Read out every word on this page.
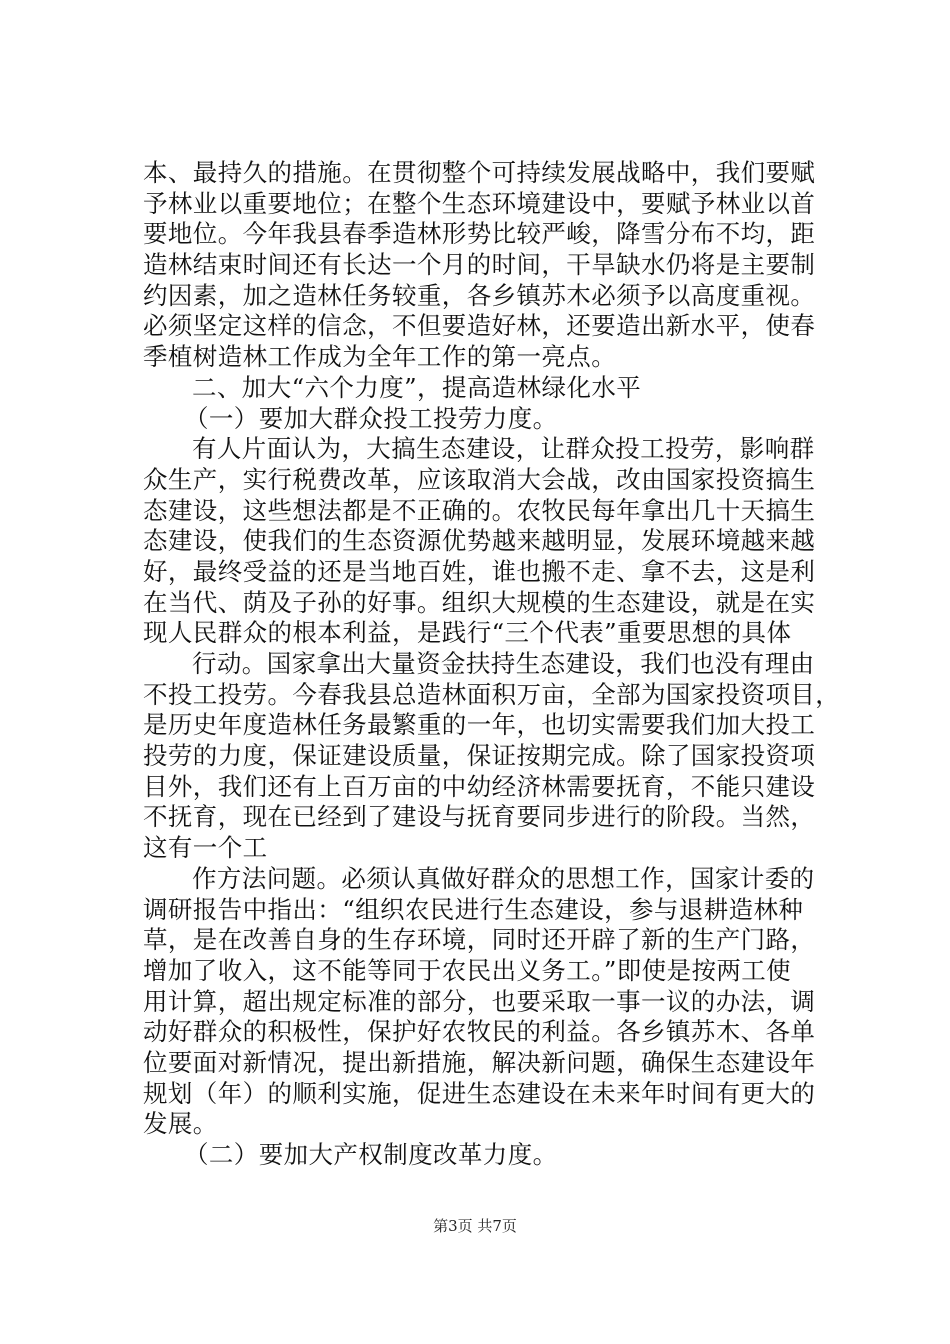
本、最持久的措施。在贯彻整个可持续发展战略中，我们要赋
予林业以重要地位；在整个生态环境建设中，要赋予林业以首
要地位。今年我县春季造林形势比较严峻，降雪分布不均，距
造林结束时间还有长达一个月的时间，干旱缺水仍将是主要制
约因素，加之造林任务较重，各乡镇苏木必须予以高度重视。
必须坚定这样的信念，不但要造好林，还要造出新水平，使春
季植树造林工作成为全年工作的第一亮点。
二、加大“六个力度”，提高造林绿化水平
（一）要加大群众投工投劳力度。
有人片面认为，大搞生态建设，让群众投工投劳，影响群
众生产，实行税费改革，应该取消大会战，改由国家投资搞生
态建设，这些想法都是不正确的。农牧民每年拿出几十天搞生
态建设，使我们的生态资源优势越来越明显，发展环境越来越
好，最终受益的还是当地百姓，谁也搬不走、拿不去，这是利
在当代、荫及子孙的好事。组织大规模的生态建设，就是在实
现人民群众的根本利益，是践行“三个代表”重要思想的具体
行动。国家拿出大量资金扶持生态建设，我们也没有理由
不投工投劳。今春我县总造林面积万亩，全部为国家投资项目，
是历史年度造林任务最繁重的一年，也切实需要我们加大投工
投劳的力度，保证建设质量，保证按期完成。除了国家投资项
目外，我们还有上百万亩的中幼经济林需要抚育，不能只建设
不抚育，现在已经到了建设与抚育要同步进行的阶段。当然，
这有一个工
作方法问题。必须认真做好群众的思想工作，国家计委的
调研报告中指出：“组织农民进行生态建设，参与退耕造林种
草，是在改善自身的生存环境，同时还开辟了新的生产门路，
增加了收入，这不能等同于农民出义务工。”即使是按两工使
用计算，超出规定标准的部分，也要采取一事一议的办法，调
动好群众的积极性，保护好农牧民的利益。各乡镇苏木、各单
位要面对新情况，提出新措施，解决新问题，确保生态建设年
规划（年）的顺利实施，促进生态建设在未来年时间有更大的
发展。
（二）要加大产权制度改革力度。
第3页 共7页
